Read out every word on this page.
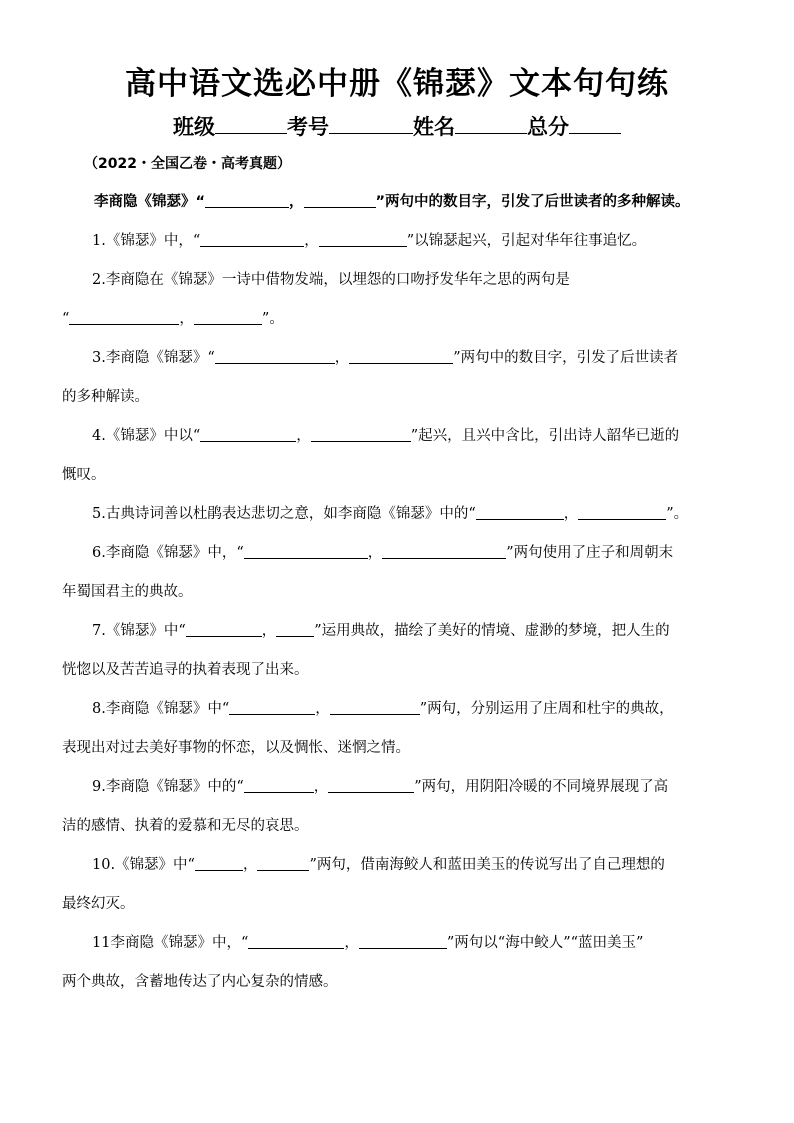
高中语文选必中册《锦瑟》文本句句练
班级	考号	姓名	总分
（2022・全国乙卷・高考真题）
李商隐《锦瑟》“	，	”两句中的数目字，引发了后世读者的多种解读。
1.《锦瑟》中，“	，	”以锦瑟起兴，引起对华年往事追忆。
2.李商隐在《锦瑟》一诗中借物发端，以埋怨的口吻抒发华年之思的两句是
“	，	”。
3.李商隐《锦瑟》“	，	”两句中的数目字，引发了后世读者
的多种解读。
4.《锦瑟》中以“	，	”起兴，且兴中含比，引出诗人韶华已逝的
慨叹。
5.古典诗词善以杜鹃表达悲切之意，如李商隐《锦瑟》中的“	，	”。
6.李商隐《锦瑟》中，“	，	”两句使用了庄子和周朝末
年蜀国君主的典故。
7.《锦瑟》中“	，	”运用典故，描绘了美好的情境、虚渺的梦境，把人生的
恍惚以及苦苦追寻的执着表现了出来。
8.李商隐《锦瑟》中“	，	”两句，分别运用了庄周和杜宇的典故，
表现出对过去美好事物的怀恋，以及惆怅、迷惘之情。
9.李商隐《锦瑟》中的“	，	”两句，用阴阳冷暖的不同境界展现了高
洁的感情、执着的爱慕和无尽的哀思。
10.《锦瑟》中“	，	”两句，借南海鲛人和蓝田美玉的传说写出了自己理想的
最终幻灭。
11李商隐《锦瑟》中，“	，	”两句以“海中鲛人”“蓝田美玉”
两个典故，含蓄地传达了内心复杂的情感。
